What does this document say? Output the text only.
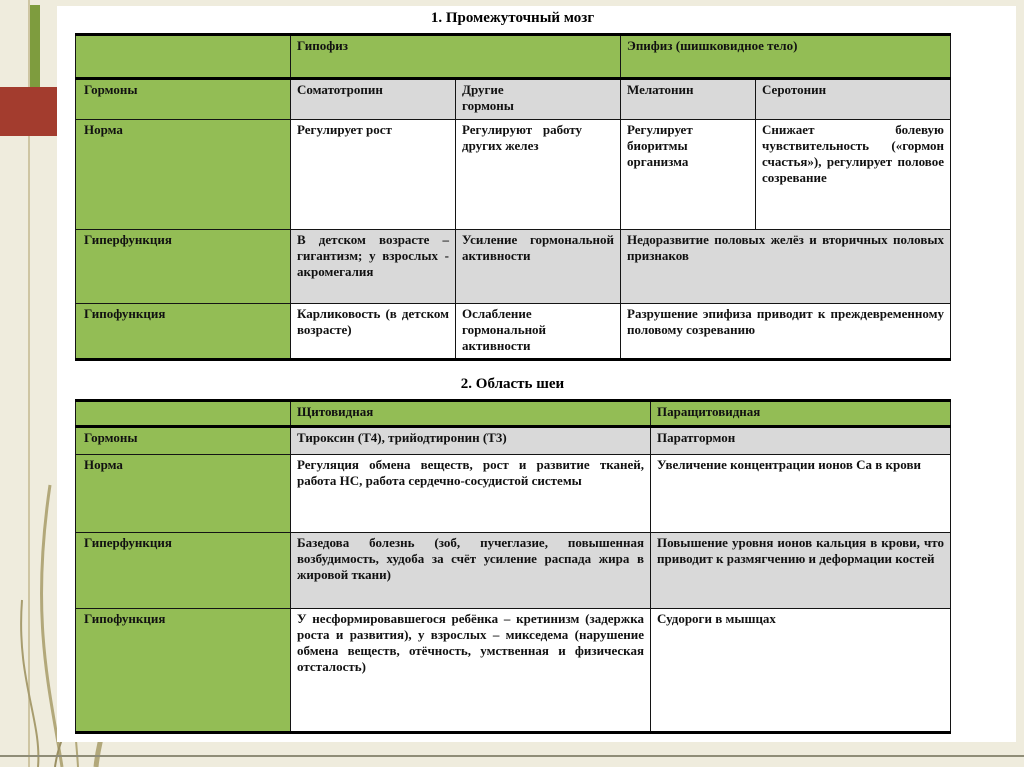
1. Промежуточный мозг
	Гипофиз		Эпифиз (шишковидное тело)	
Гормоны	Соматотропин	Другие гормоны	Мелатонин	Серотонин
Норма	Регулирует рост	Регулируют работу других желез	Регулирует биоритмы организма	Снижает болевую чувствительность («гормон счастья»), регулирует половое созревание
Гиперфункция	В детском возрасте – гигантизм; у взрослых - акромегалия	Усиление гормональной активности	Недоразвитие половых желёз и вторичных половых признаков	
Гипофункция	Карликовость (в детском возрасте)	Ослабление гормональной активности	Разрушение эпифиза приводит к преждевременному половому созреванию	
2. Область шеи
	Щитовидная	Паращитовидная
Гормоны	Тироксин (Т4), трийодтиронин (Т3)	Паратгормон
Норма	Регуляция обмена веществ, рост и развитие тканей, работа НС, работа сердечно-сосудистой системы	Увеличение концентрации ионов Са в крови
Гиперфункция	Базедова болезнь (зоб, пучеглазие, повышенная возбудимость, худоба за счёт усиление распада жира в жировой ткани)	Повышение уровня ионов кальция в крови, что приводит к размягчению и деформации костей
Гипофункция	У несформировавшегося ребёнка – кретинизм (задержка роста и развития), у взрослых – микседема (нарушение обмена веществ, отёчность, умственная и физическая отсталость)	Судороги в мышцах
